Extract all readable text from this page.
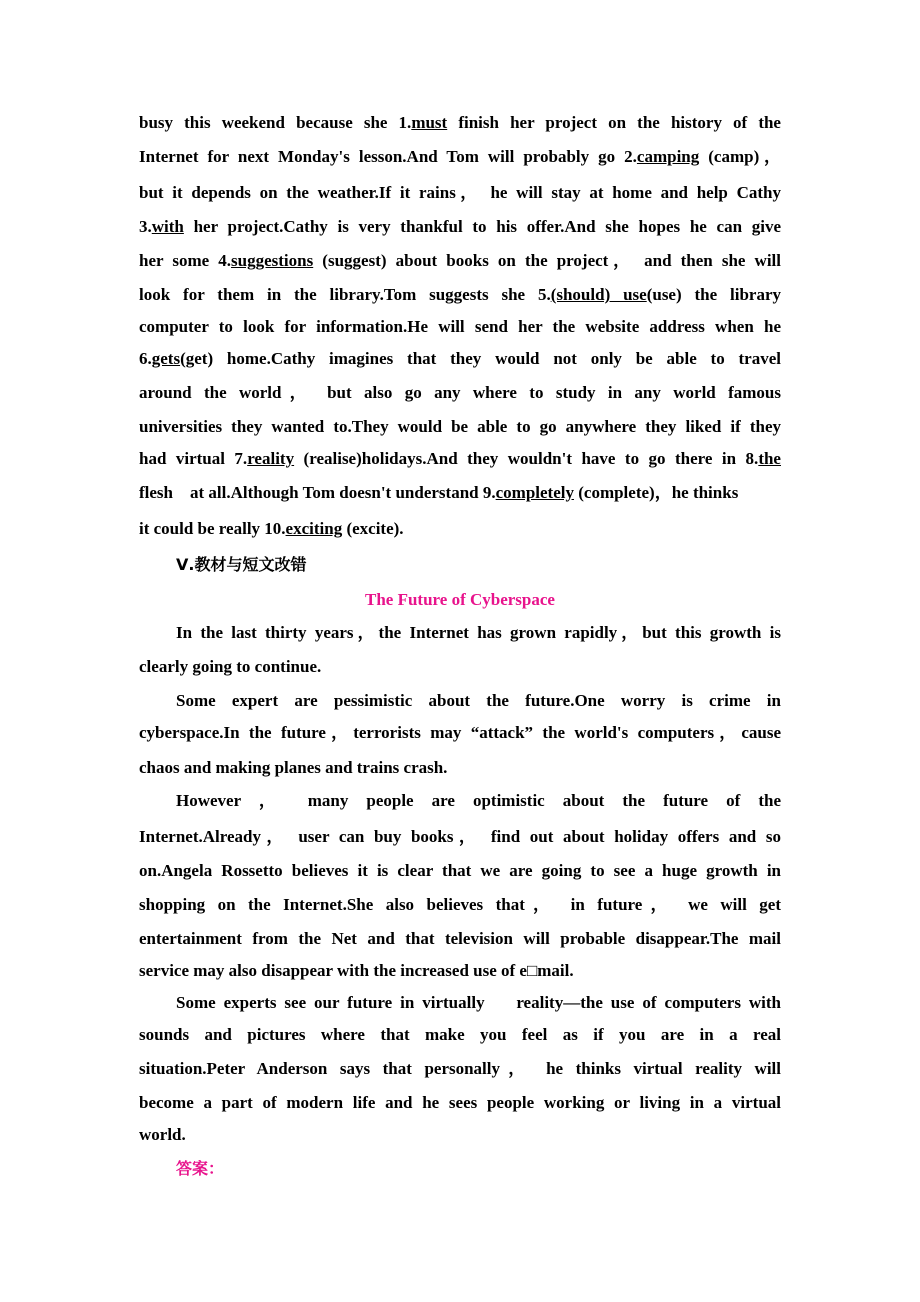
busy this weekend because she 1.must finish her project on the history of the
Internet for next Monday's lesson.And Tom will probably go 2.camping (camp)，
but it depends on the weather.If it rains， he will stay at home and help Cathy
3.with her project.Cathy is very thankful to his offer.And she hopes he can give
her some 4.suggestions (suggest) about books on the project， and then she will
look for them in the library.Tom suggests she 5.(should) use(use) the library
computer to look for information.He will send her the website address when he
6.gets(get) home.Cathy imagines that they would not only be able to travel
around the world， but also go any where to study in any world famous
universities they wanted to.They would be able to go anywhere they liked if they
had virtual 7.reality (realise)holidays.And they wouldn't have to go there in 8.the
flesh    at all.Although Tom doesn't understand 9.completely (complete)，he thinks
it could be really 10.exciting (excite).
Ⅴ.教材与短文改错
The Future of Cyberspace
In the last thirty years，the Internet has grown rapidly，but this growth is
clearly going to continue.
Some expert are pessimistic about the future.One worry is crime in
cyberspace.In the future，terrorists may “attack” the world's computers，cause
chaos and making planes and trains crash.
However ， many people are optimistic about the future of the
Internet.Already， user can buy books， find out about holiday offers and so
on.Angela Rossetto believes it is clear that we are going to see a huge growth in
shopping on the Internet.She also believes that， in future， we will get
entertainment from the Net and that television will probable disappear.The mail
service may also disappear with the increased use of e□mail.
Some experts see our future in virtually    reality—the use of computers with
sounds and pictures where that make you feel as if you are in a real
situation.Peter Anderson says that personally， he thinks virtual reality will
become a part of modern life and he sees people working or living in a virtual
world.
答案：
